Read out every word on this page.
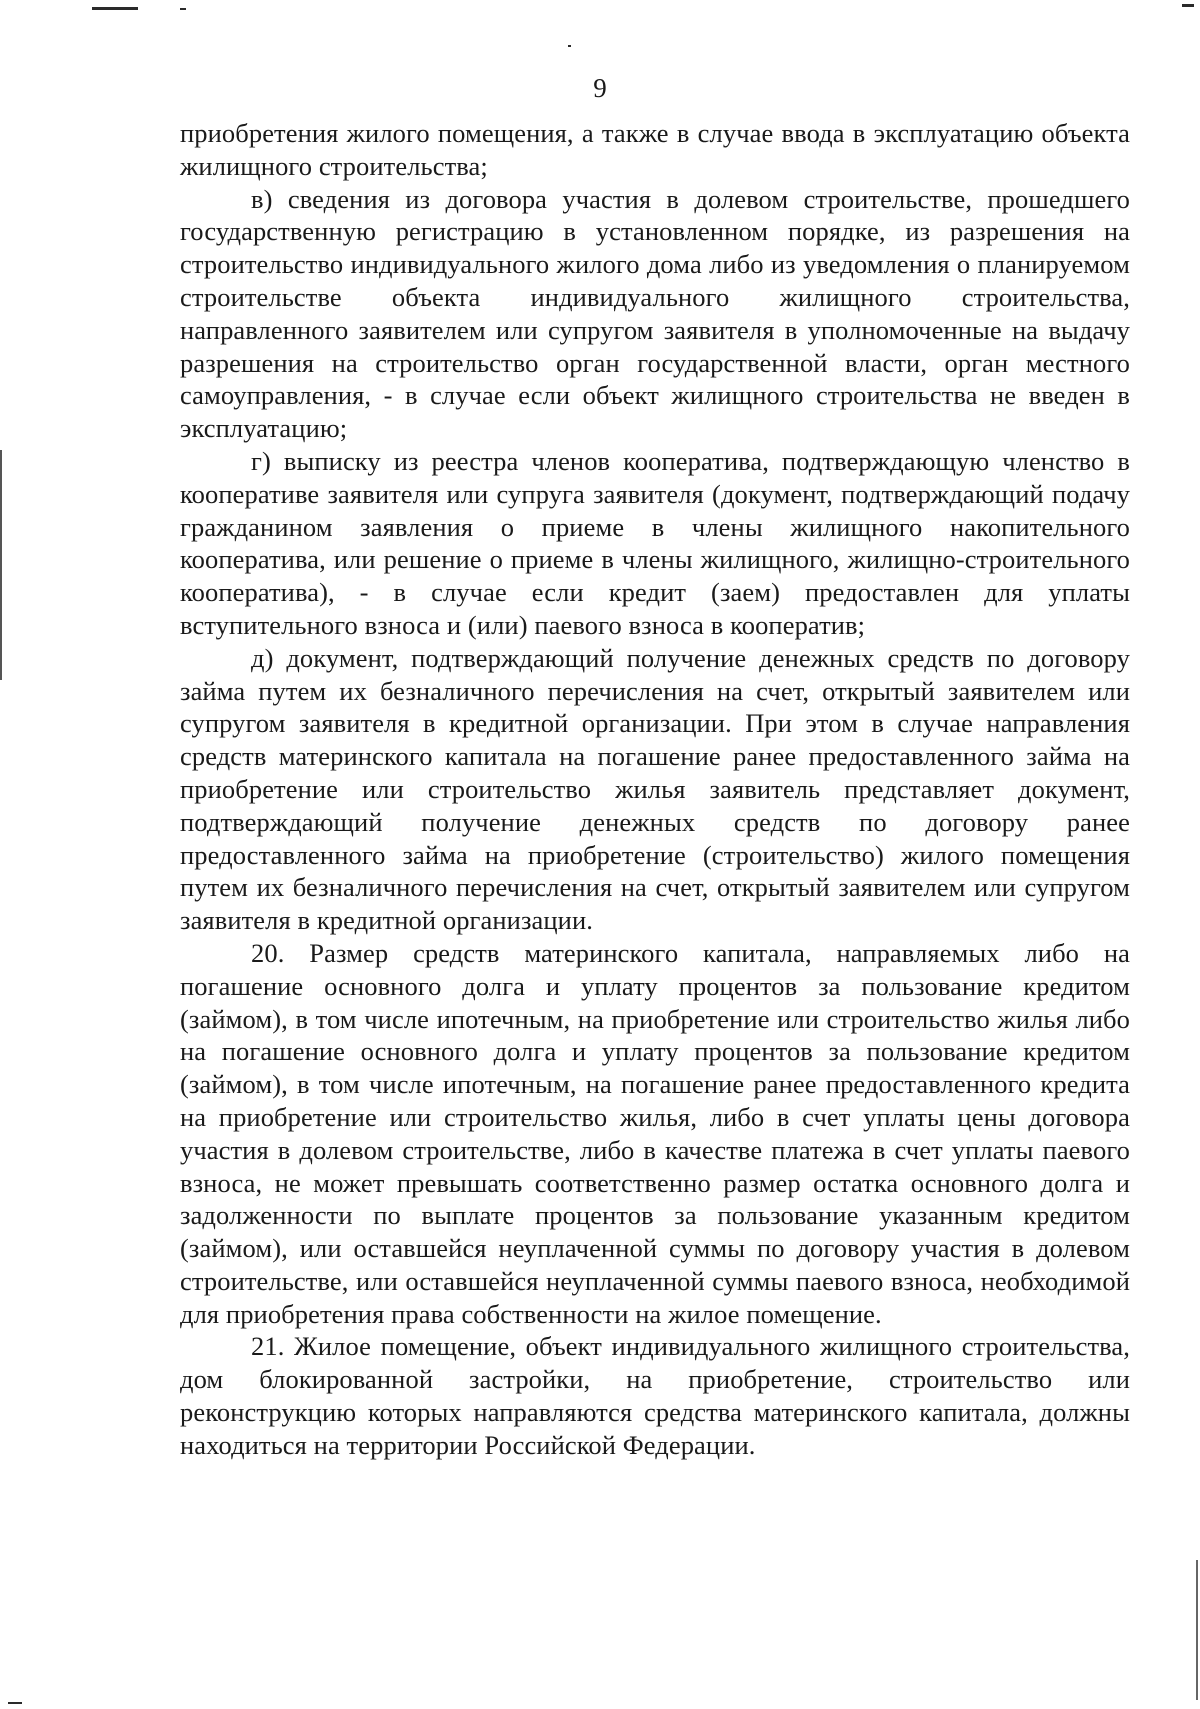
9

приобретения жилого помещения, а также в случае ввода в эксплуатацию объекта жилищного строительства;

в) сведения из договора участия в долевом строительстве, прошедшего государственную регистрацию в установленном порядке, из разрешения на строительство индивидуального жилого дома либо из уведомления о планируемом строительстве объекта индивидуального жилищного строительства, направленного заявителем или супругом заявителя в уполномоченные на выдачу разрешения на строительство орган государственной власти, орган местного самоуправления, - в случае если объект жилищного строительства не введен в эксплуатацию;

г) выписку из реестра членов кооператива, подтверждающую членство в кооперативе заявителя или супруга заявителя (документ, подтверждающий подачу гражданином заявления о приеме в члены жилищного накопительного кооператива, или решение о приеме в члены жилищного, жилищно-строительного кооператива), - в случае если кредит (заем) предоставлен для уплаты вступительного взноса и (или) паевого взноса в кооператив;

д) документ, подтверждающий получение денежных средств по договору займа путем их безналичного перечисления на счет, открытый заявителем или супругом заявителя в кредитной организации. При этом в случае направления средств материнского капитала на погашение ранее предоставленного займа на приобретение или строительство жилья заявитель представляет документ, подтверждающий получение денежных средств по договору ранее предоставленного займа на приобретение (строительство) жилого помещения путем их безналичного перечисления на счет, открытый заявителем или супругом заявителя в кредитной организации.

20. Размер средств материнского капитала, направляемых либо на погашение основного долга и уплату процентов за пользование кредитом (займом), в том числе ипотечным, на приобретение или строительство жилья либо на погашение основного долга и уплату процентов за пользование кредитом (займом), в том числе ипотечным, на погашение ранее предоставленного кредита на приобретение или строительство жилья, либо в счет уплаты цены договора участия в долевом строительстве, либо в качестве платежа в счет уплаты паевого взноса, не может превышать соответственно размер остатка основного долга и задолженности по выплате процентов за пользование указанным кредитом (займом), или оставшейся неуплаченной суммы по договору участия в долевом строительстве, или оставшейся неуплаченной суммы паевого взноса, необходимой для приобретения права собственности на жилое помещение.

21. Жилое помещение, объект индивидуального жилищного строительства, дом блокированной застройки, на приобретение, строительство или реконструкцию которых направляются средства материнского капитала, должны находиться на территории Российской Федерации.
